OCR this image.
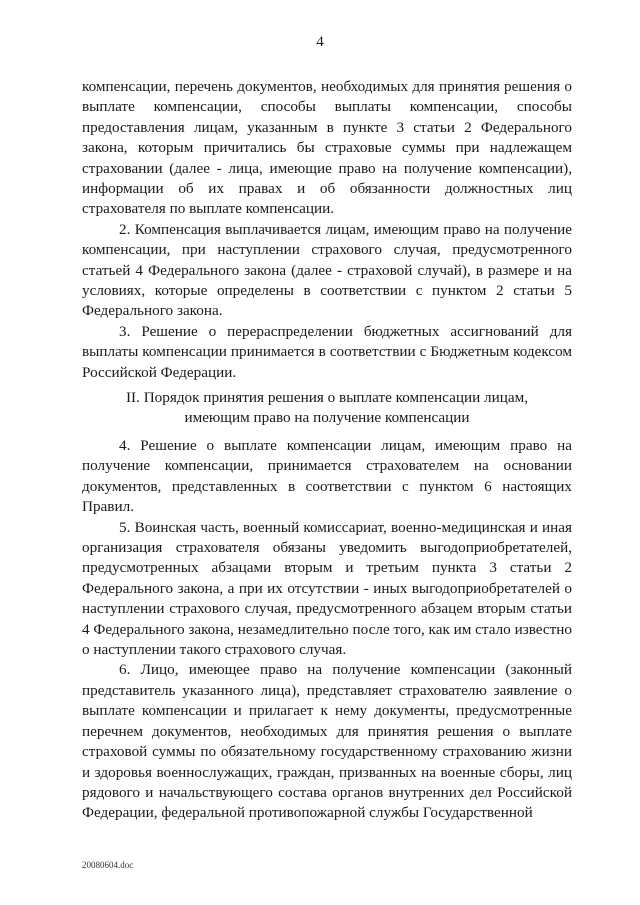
4

компенсации, перечень документов, необходимых для принятия решения о выплате компенсации, способы выплаты компенсации, способы предоставления лицам, указанным в пункте 3 статьи 2 Федерального закона, которым причитались бы страховые суммы при надлежащем страховании (далее - лица, имеющие право на получение компенсации), информации об их правах и об обязанности должностных лиц страхователя по выплате компенсации.

2. Компенсация выплачивается лицам, имеющим право на получение компенсации, при наступлении страхового случая, предусмотренного статьей 4 Федерального закона (далее - страховой случай), в размере и на условиях, которые определены в соответствии с пунктом 2 статьи 5 Федерального закона.

3. Решение о перераспределении бюджетных ассигнований для выплаты компенсации принимается в соответствии с Бюджетным кодексом Российской Федерации.

II. Порядок принятия решения о выплате компенсации лицам,
имеющим право на получение компенсации

4. Решение о выплате компенсации лицам, имеющим право на получение компенсации, принимается страхователем на основании документов, представленных в соответствии с пунктом 6 настоящих Правил.

5. Воинская часть, военный комиссариат, военно-медицинская и иная организация страхователя обязаны уведомить выгодоприобретателей, предусмотренных абзацами вторым и третьим пункта 3 статьи 2 Федерального закона, а при их отсутствии - иных выгодоприобретателей о наступлении страхового случая, предусмотренного абзацем вторым статьи 4 Федерального закона, незамедлительно после того, как им стало известно о наступлении такого страхового случая.

6. Лицо, имеющее право на получение компенсации (законный представитель указанного лица), представляет страхователю заявление о выплате компенсации и прилагает к нему документы, предусмотренные перечнем документов, необходимых для принятия решения о выплате страховой суммы по обязательному государственному страхованию жизни и здоровья военнослужащих, граждан, призванных на военные сборы, лиц рядового и начальствующего состава органов внутренних дел Российской Федерации, федеральной противопожарной службы Государственной

20080604.doc
